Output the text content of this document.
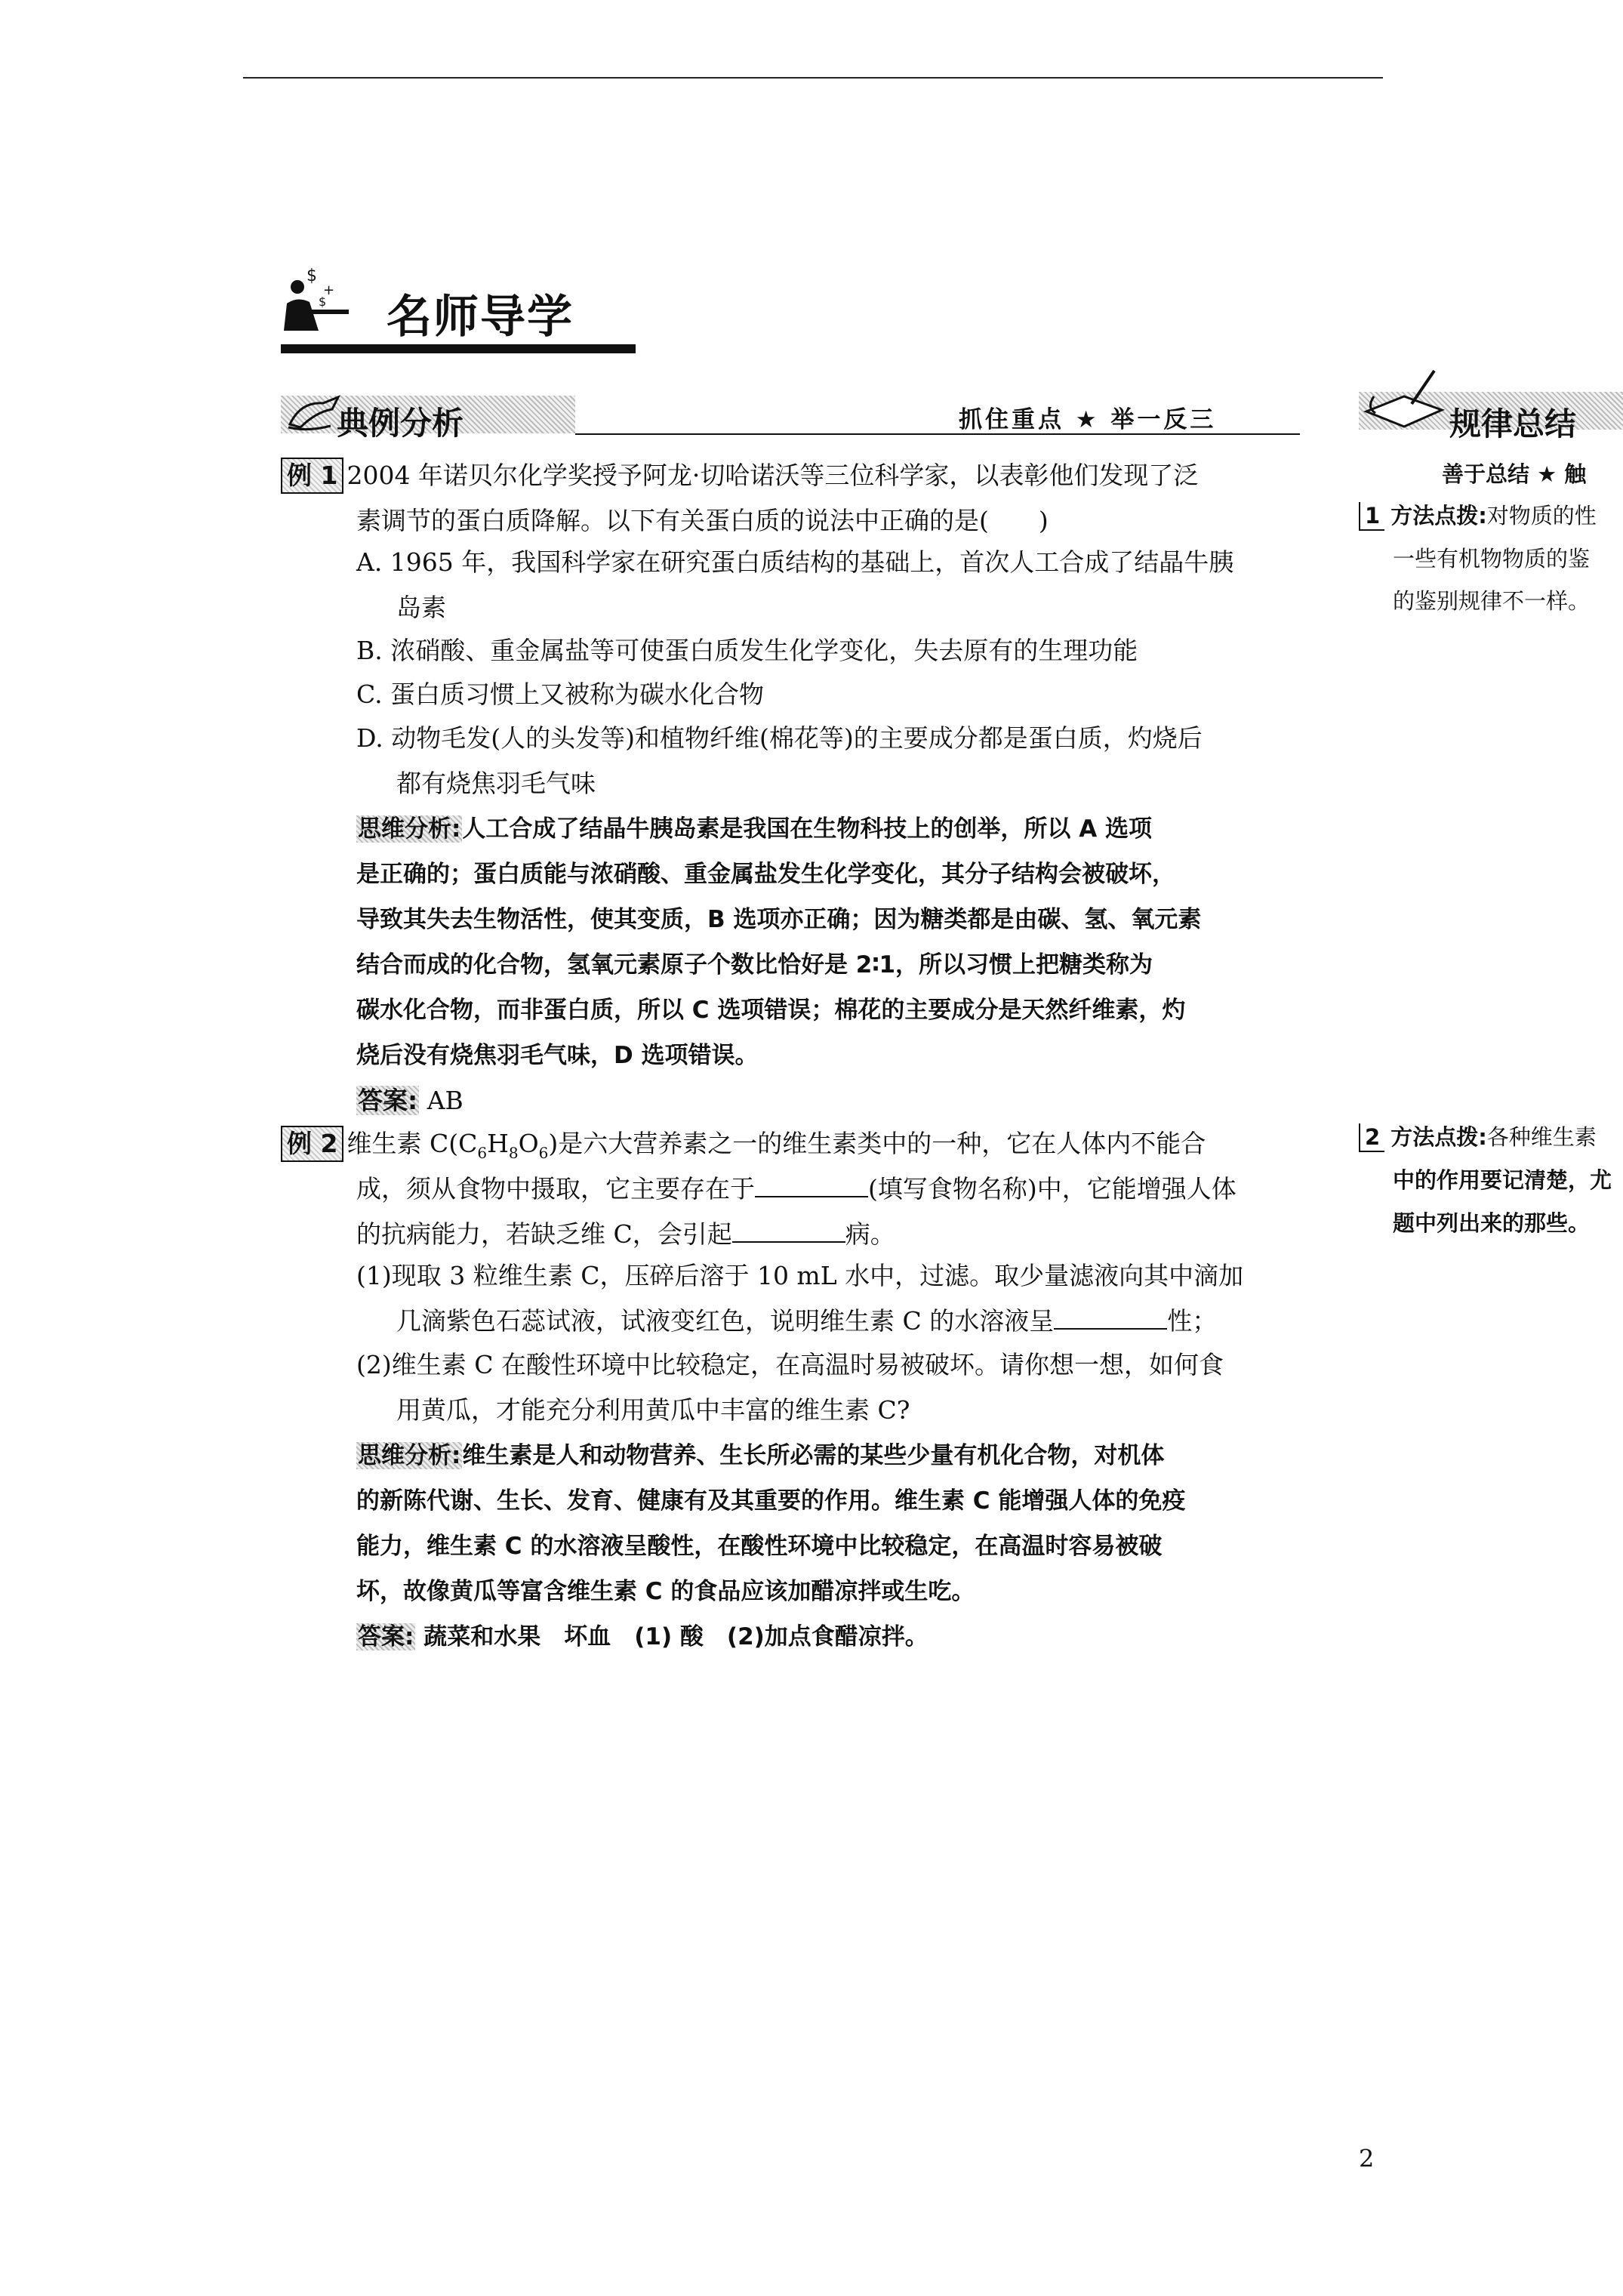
$
+
$ 名师导学
典例分析	抓住重点 ★ 举一反三	规律总结
善于总结 ★ 触

例 1 2004 年诺贝尔化学奖授予阿龙·切哈诺沃等三位科学家，以表彰他们发现了泛

素调节的蛋白质降解。以下有关蛋白质的说法中正确的是(　　)

A. 1965 年，我国科学家在研究蛋白质结构的基础上，首次人工合成了结晶牛胰

岛素

B. 浓硝酸、重金属盐等可使蛋白质发生化学变化，失去原有的生理功能

C. 蛋白质习惯上又被称为碳水化合物

D. 动物毛发(人的头发等)和植物纤维(棉花等)的主要成分都是蛋白质，灼烧后

都有烧焦羽毛气味

思维分析:人工合成了结晶牛胰岛素是我国在生物科技上的创举，所以 A 选项

是正确的；蛋白质能与浓硝酸、重金属盐发生化学变化，其分子结构会被破坏，

导致其失去生物活性，使其变质，B 选项亦正确；因为糖类都是由碳、氢、氧元素

结合而成的化合物，氢氧元素原子个数比恰好是 2∶1，所以习惯上把糖类称为

碳水化合物，而非蛋白质，所以 C 选项错误；棉花的主要成分是天然纤维素，灼

烧后没有烧焦羽毛气味，D 选项错误。

答案: AB

例 2 维生素 $C(C_6H_8O_6)$是六大营养素之一的维生素类中的一种，它在人体内不能合

成，须从食物中摄取，它主要存在于	(填写食物名称)中，它能增强人体

的抗病能力，若缺乏维 C，会引起	病。

(1)现取 3 粒维生素 C，压碎后溶于 10 mL 水中，过滤。取少量滤液向其中滴加

几滴紫色石蕊试液，试液变红色，说明维生素 C 的水溶液呈	性；

(2)维生素 C 在酸性环境中比较稳定，在高温时易被破坏。请你想一想，如何食

用黄瓜，才能充分利用黄瓜中丰富的维生素 C?

思维分析:维生素是人和动物营养、生长所必需的某些少量有机化合物，对机体

的新陈代谢、生长、发育、健康有及其重要的作用。维生素 C 能增强人体的免疫

能力，维生素 C 的水溶液呈酸性，在酸性环境中比较稳定，在高温时容易被破

坏，故像黄瓜等富含维生素 C 的食品应该加醋凉拌或生吃。

答案: 蔬菜和水果　坏血　(1) 酸　(2)加点食醋凉拌。

1 方法点拨:对物质的性
一些有机物物质的鉴
的鉴别规律不一样。
2 方法点拨:各种维生素
中的作用要记清楚，尤
题中列出来的那些。
2
